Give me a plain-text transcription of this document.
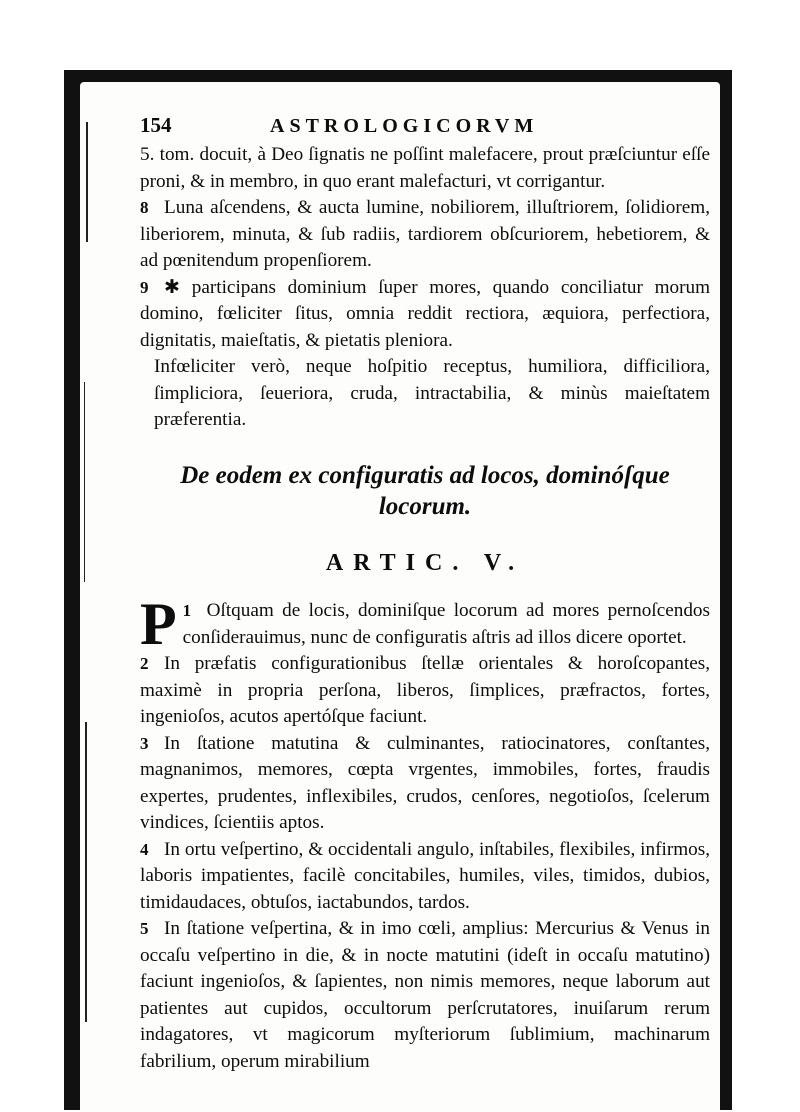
154	ASTROLOGICORVM

5. tom. docuit, à Deo ſignatis ne poſſint malefacere, prout præſciuntur eſſe proni, & in membro, in quo erant malefacturi, vt corrigantur.

8 Luna aſcendens, & aucta lumine, nobiliorem, illuſtriorem, ſolidiorem, liberiorem, minuta, & ſub radiis, tardiorem obſcuriorem, hebetiorem, & ad pœnitendum propenſiorem.

9 ✱ participans dominium ſuper mores, quando conciliatur morum domino, fœliciter ſitus, omnia reddit rectiora, æquiora, perfectiora, dignitatis, maieſtatis, & pietatis pleniora.

Infœliciter verò, neque hoſpitio receptus, humiliora, difficiliora, ſimpliciora, ſeueriora, cruda, intractabilia, & minùs maieſtatem præferentia.

De eodem ex configuratis ad locos, dominóſque locorum.
ARTIC. V.

1
P Oſtquam de locis, dominiſque locorum ad mores pernoſcendos conſiderauimus, nunc de configuratis aſtris ad illos dicere oportet.

2 In præfatis configurationibus ſtellæ orientales & horoſcopantes, maximè in propria perſona, liberos, ſimplices, præfractos, fortes, ingenioſos, acutos apertóſque faciunt.

3 In ſtatione matutina & culminantes, ratiocinatores, conſtantes, magnanimos, memores, cœpta vrgentes, immobiles, fortes, fraudis expertes, prudentes, inflexibiles, crudos, cenſores, negotioſos, ſcelerum vindices, ſcientiis aptos.

4 In ortu veſpertino, & occidentali angulo, inſtabiles, flexibiles, infirmos, laboris impatientes, facilè concitabiles, humiles, viles, timidos, dubios, timidaudaces, obtuſos, iactabundos, tardos.

5 In ſtatione veſpertina, & in imo cœli, amplius: Mercurius & Venus in occaſu veſpertino in die, & in nocte matutini (ideſt in occaſu matutino) faciunt ingenioſos, & ſapientes, non nimis memores, neque laborum aut patientes aut cupidos, occultorum perſcrutatores, inuiſarum rerum indagatores, vt magicorum myſteriorum ſublimium, machinarum fabrilium, operum mirabilium
